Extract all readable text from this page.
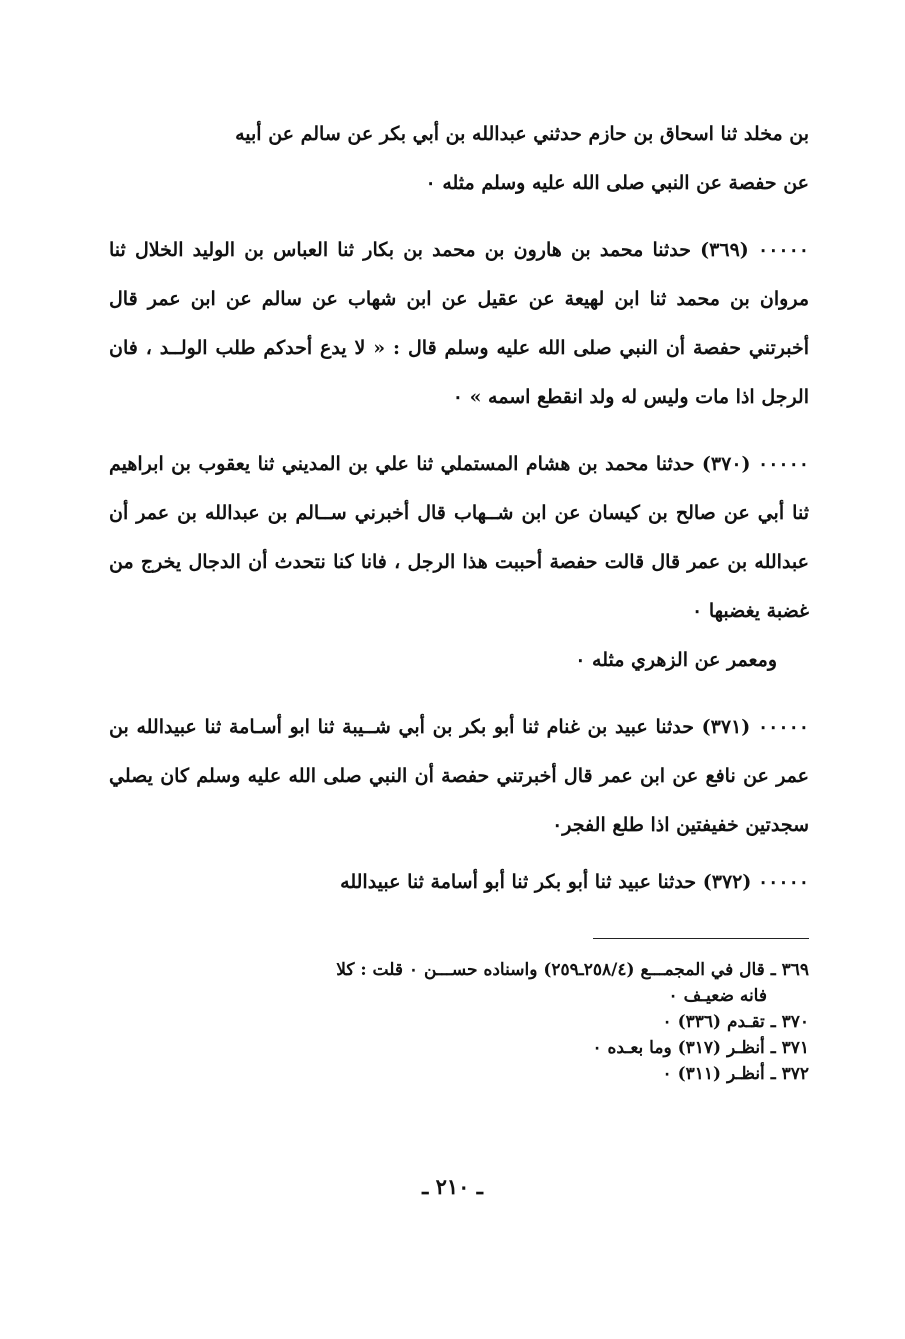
بن مخلد ثنا اسحاق بن حازم حدثني عبدالله بن أبي بكر عن سالم عن أبيه

عن حفصة عن النبي صلى الله عليه وسلم مثله ٠

٠٠٠٠٠ (٣٦٩) حدثنا محمد بن هارون بن محمد بن بكار ثنا العباس بن الوليد الخلال ثنا مروان بن محمد ثنا ابن لهيعة عن عقيل عن ابن شهاب عن سالم عن ابن عمر قال أخبرتني حفصة أن النبي صلى الله عليه وسلم قال : « لا يدع أحدكم طلب الولــد ، فان الرجل اذا مات وليس له ولد انقطع اسمه » ٠

٠٠٠٠٠ (٣٧٠) حدثنا محمد بن هشام المستملي ثنا علي بن المديني ثنا يعقوب بن ابراهيم ثنا أبي عن صالح بن كيسان عن ابن شــهاب قال أخبرني ســالم بن عبدالله بن عمر أن عبدالله بن عمر قال قالت حفصة أحببت هذا الرجل ، فانا كنا نتحدث أن الدجال يخرج من غضبة يغضبها ٠

ومعمر عن الزهري مثله ٠

٠٠٠٠٠ (٣٧١) حدثنا عبيد بن غنام ثنا أبو بكر بن أبي شــيبة ثنا ابو أسـامة ثنا عبيدالله بن عمر عن نافع عن ابن عمر قال أخبرتني حفصة أن النبي صلى الله عليه وسلم كان يصلي سجدتين خفيفتين اذا طلع الفجر٠

٠٠٠٠٠ (٣٧٢) حدثنا عبيد ثنا أبو بكر ثنا أبو أسامة ثنا عبيدالله

٣٦٩ ـ قال في المجمـــع (٢٥٨/٤ـ٢٥٩) واسناده حســـن ٠ قلت : كلا

فانه ضعيـف ٠

٣٧٠ ـ تقـدم (٣٣٦) ٠

٣٧١ ـ أنظـر (٣١٧) وما بعـده ٠

٣٧٢ ـ أنظـر (٣١١) ٠

ـ ٢١٠ ـ
